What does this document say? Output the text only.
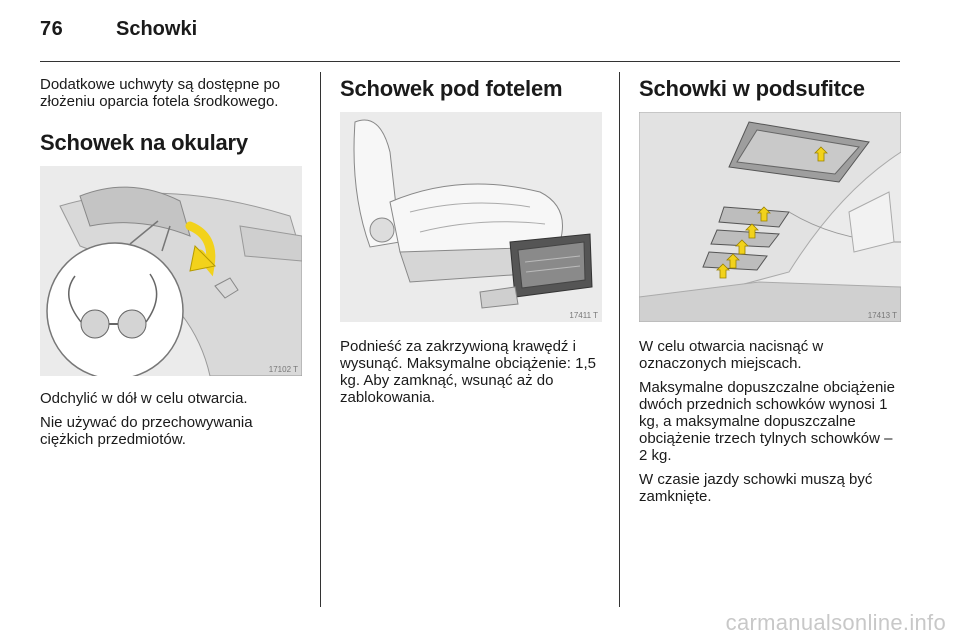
76	Schowki

Dodatkowe uchwyty są dostępne po złożeniu oparcia fotela środkowego.

Schowek na okulary
17102 T

Odchylić w dół w celu otwarcia.

Nie używać do przechowywania ciężkich przedmiotów.

Schowek pod fotelem
17411 T

Podnieść za zakrzywioną krawędź i wysunąć. Maksymalne obciążenie: 1,5 kg. Aby zamknąć, wsunąć aż do zablokowania.

Schowki w podsufitce
17413 T

W celu otwarcia nacisnąć w oznaczonych miejscach.

Maksymalne dopuszczalne obciążenie dwóch przednich schowków wynosi 1 kg, a maksymalne dopuszczalne obciążenie trzech tylnych schowków – 2 kg.

W czasie jazdy schowki muszą być zamknięte.

carmanualsonline.info
